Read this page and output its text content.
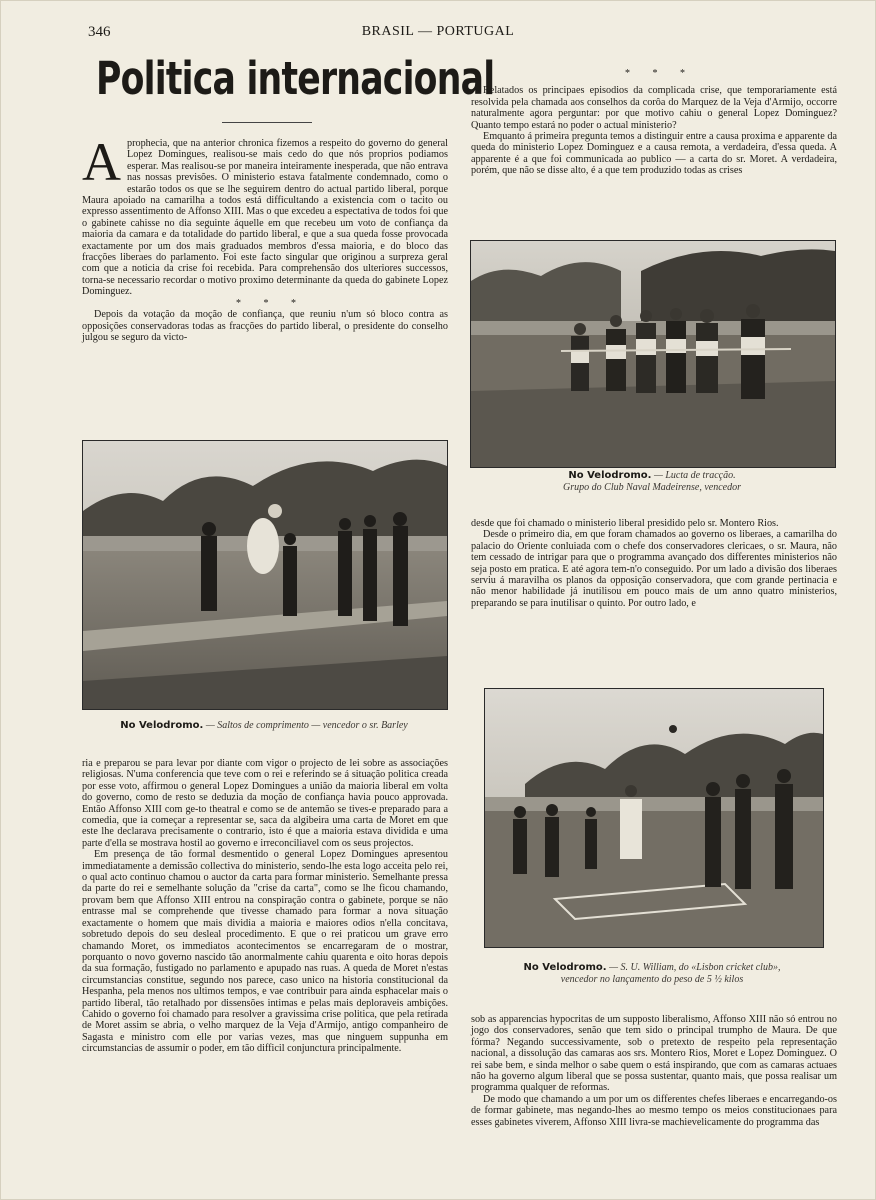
346	BRASIL — PORTUGAL
Politica internacional

Aprophecia, que na anterior chronica fizemos a respeito do governo do general Lopez Domingues, realisou-se mais cedo do que nós proprios podiamos esperar. Mas realisou-se por maneira inteiramente inesperada, que não entrava nas nossas previsões. O ministerio estava fatalmente condemnado, como o estarão todos os que se lhe seguirem dentro do actual partido liberal, porque Maura apoiado na camarilha a todos está difficultando a existencia com o tacito ou expresso assentimento de Affonso XIII. Mas o que excedeu a espectativa de todos foi que o gabinete cahisse no dia seguinte áquelle em que recebeu um voto de confiança da maioria da camara e da totalidade do partido liberal, e que a sua queda fosse provocada exactamente por um dos mais graduados membros d'essa maioria, e do bloco das fracções liberaes do parlamento. Foi este facto singular que originou a surpreza geral com que a noticia da crise foi recebida. Para comprehensão dos ulteriores successos, torna-se necessario recordar o motivo proximo determinante da queda do gabinete Lopez Dominguez.

* * *

Depois da votação da moção de confiança, que reuniu n'um só bloco contra as opposições conservadoras todas as fracções do partido liberal, o presidente do conselho julgou se seguro da victo-

No Velodromo. — Saltos de comprimento — vencedor o sr. Barley

ria e preparou se para levar por diante com vigor o projecto de lei sobre as associações religiosas. N'uma conferencia que teve com o rei e referindo se á situação politica creada por esse voto, affirmou o general Lopez Domingues a união da maioria liberal em volta do governo, como de resto se deduzia da moção de confiança havia pouco approvada. Então Affonso XIII com ge-to theatral e como se de antemão se tives-e preparado para a comedia, que ia começar a representar se, saca da algibeira uma carta de Moret em que este lhe declarava precisamente o contrario, isto é que a maioria estava dividida e uma parte d'ella se mostrava hostil ao governo e irreconciliavel com os seus projectos.

Em presença de tão formal desmentido o general Lopez Domingues apresentou immediatamente a demissão collectiva do ministerio, sendo-lhe esta logo acceita pelo rei, o qual acto continuo chamou o auctor da carta para formar ministerio. Semelhante pressa da parte do rei e semelhante solução da "crise da carta", como se lhe ficou chamando, provam bem que Affonso XIII entrou na conspiração contra o gabinete, porque se não entrasse mal se comprehende que tivesse chamado para formar a nova situação exactamente o homem que mais dividia a maioria e maiores odios n'ella concitava, sobretudo depois do seu desleal procedimento. E que o rei praticou um grave erro chamando Moret, os immediatos acontecimentos se encarregaram de o mostrar, porquanto o novo governo nascido tão anormalmente cahiu quarenta e oito horas depois da sua formação, fustigado no parlamento e apupado nas ruas. A queda de Moret n'estas circumstancias constitue, segundo nos parece, caso unico na historia constitucional da Hespanha, pela menos nos ultimos tempos, e vae contribuir para ainda esphacelar mais o partido liberal, tão retalhado por dissensões intimas e pelas mais deploraveis ambições. Cahido o governo foi chamado para resolver a gravissima crise politica, que pela retirada de Moret assim se abria, o velho marquez de la Veja d'Armijo, antigo companheiro de Sagasta e ministro com elle por varias vezes, mas que ninguem suppunha em circumstancias de assumir o poder, em tão difficil conjunctura principalmente.

* * *

Relatados os principaes episodios da complicada crise, que temporariamente está resolvida pela chamada aos conselhos da corôa do Marquez de la Veja d'Armijo, occorre naturalmente agora perguntar: por que motivo cahiu o general Lopez Dominguez? Quanto tempo estará no poder o actual ministerio?

Emquanto á primeira pregunta temos a distinguir entre a causa proxima e apparente da queda do ministerio Lopez Dominguez e a causa remota, a verdadeira, d'essa queda. A apparente é a que foi communicada ao publico — a carta do sr. Moret. A verdadeira, porém, que não se disse alto, é a que tem produzido todas as crises

No Velodromo. — Lucta de tracção.
Grupo do Club Naval Madeirense, vencedor

desde que foi chamado o ministerio liberal presidido pelo sr. Montero Rios.

Desde o primeiro dia, em que foram chamados ao governo os liberaes, a camarilha do palacio do Oriente conluiada com o chefe dos conservadores clericaes, o sr. Maura, não tem cessado de intrigar para que o programma avançado dos differentes ministerios não seja posto em pratica. E até agora tem-n'o conseguido. Por um lado a divisão dos liberaes serviu á maravilha os planos da opposição conservadora, que com grande pertinacia e não menor habilidade já inutilisou em pouco mais de um anno quatro ministerios, preparando se para inutilisar o quinto. Por outro lado, e

No Velodromo. — S. U. William, do «Lisbon cricket club»,
vencedor no lançamento do peso de 5 ½ kilos

sob as apparencias hypocritas de um supposto liberalismo, Affonso XIII não só entrou no jogo dos conservadores, senão que tem sido o principal trumpho de Maura. De que fórma? Negando successivamente, sob o pretexto de respeito pela representação nacional, a dissolução das camaras aos srs. Montero Rios, Moret e Lopez Dominguez. O rei sabe bem, e sinda melhor o sabe quem o está inspirando, que com as camaras actuaes não ha governo algum liberal que se possa sustentar, quanto mais, que possa realisar um programma qualquer de reformas.

De modo que chamando a um por um os differentes chefes liberaes e encarregando-os de formar gabinete, mas negando-lhes ao mesmo tempo os meios constitucionaes para esses gabinetes viverem, Affonso XIII livra-se machievelicamente do programma das
